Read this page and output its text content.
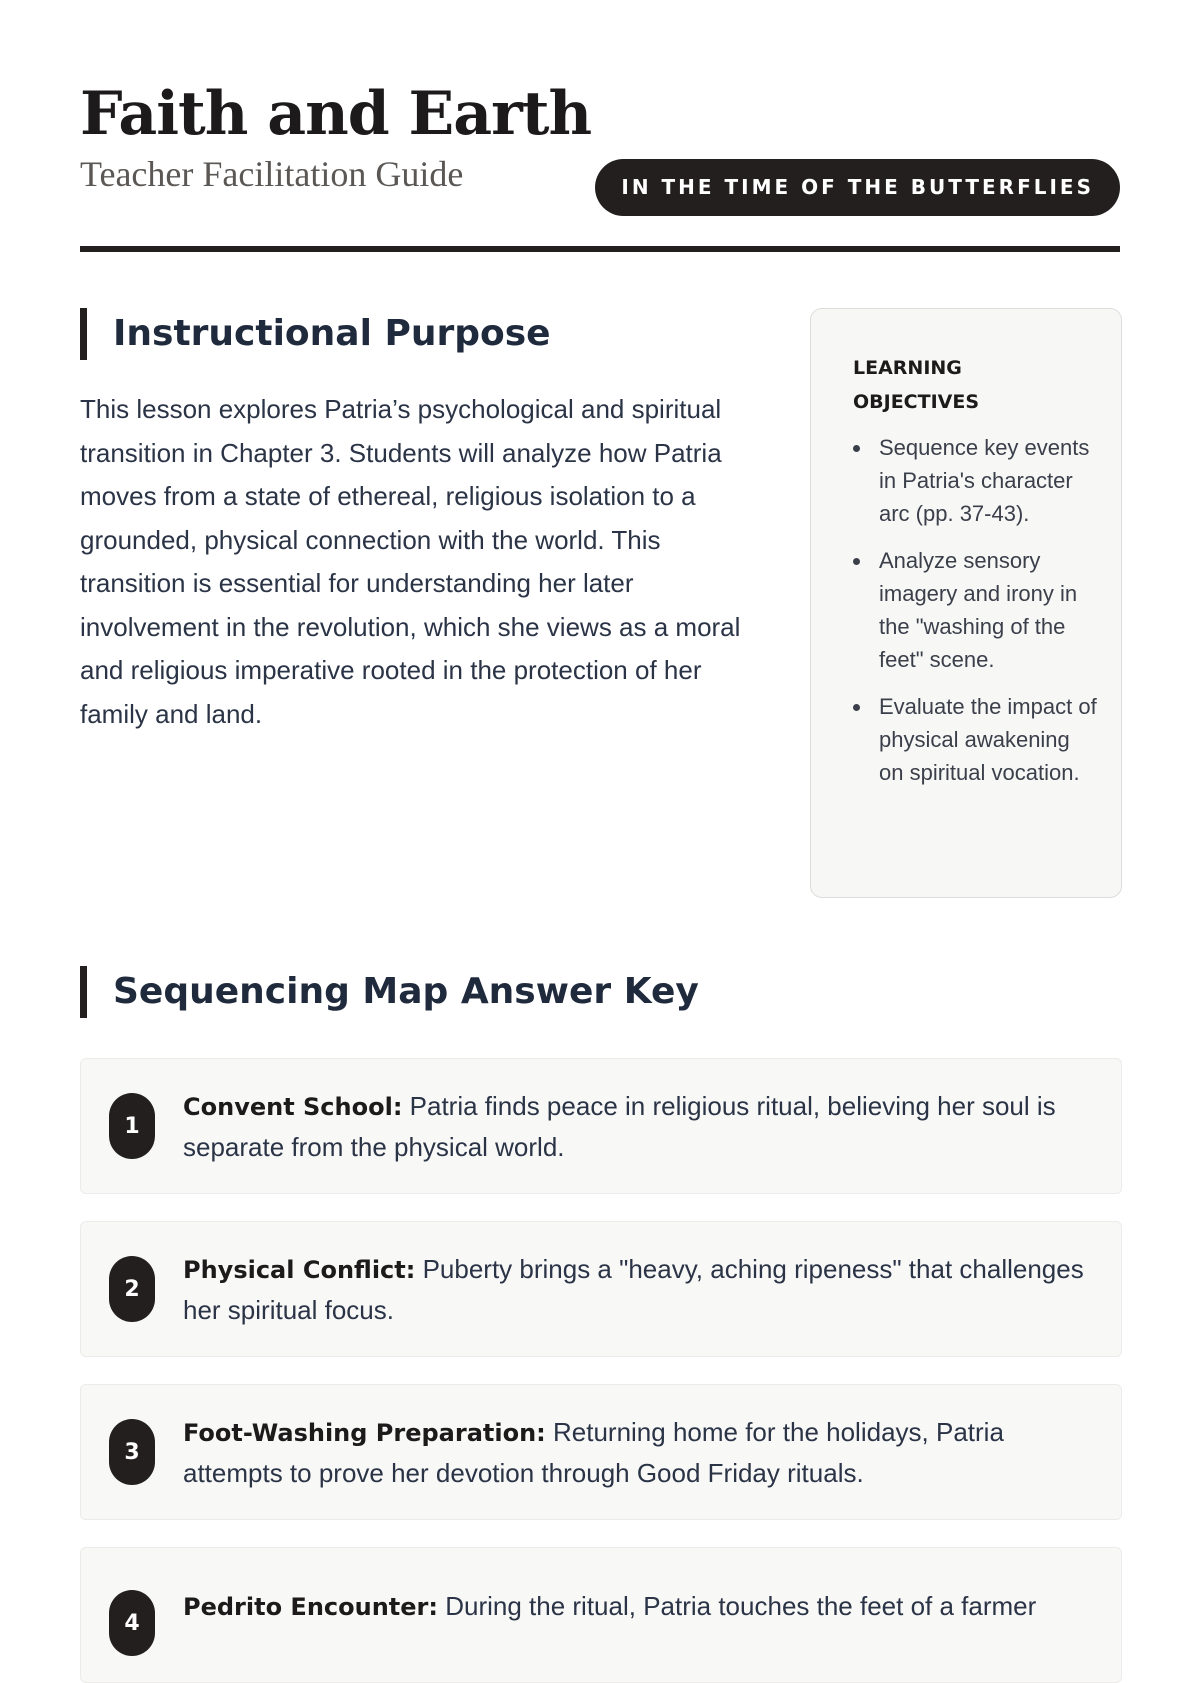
Faith and Earth
Teacher Facilitation Guide	IN THE TIME OF THE BUTTERFLIES
Instructional Purpose

This lesson explores Patria’s psychological and spiritual transition in Chapter 3. Students will analyze how Patria moves from a state of ethereal, religious isolation to a grounded, physical connection with the world. This transition is essential for understanding her later involvement in the revolution, which she views as a moral and religious imperative rooted in the protection of her family and land.

LEARNING OBJECTIVES
Sequence key events in Patria's character arc (pp. 37-43).
Analyze sensory imagery and irony in the "washing of the feet" scene.
Evaluate the impact of physical awakening on spiritual vocation.
Sequencing Map Answer Key
1
Convent School: Patria finds peace in religious ritual, believing her soul is separate from the physical world.
2
Physical Conflict: Puberty brings a "heavy, aching ripeness" that challenges her spiritual focus.
3
Foot-Washing Preparation: Returning home for the holidays, Patria attempts to prove her devotion through Good Friday rituals.
4
Pedrito Encounter: During the ritual, Patria touches the feet of a farmer
